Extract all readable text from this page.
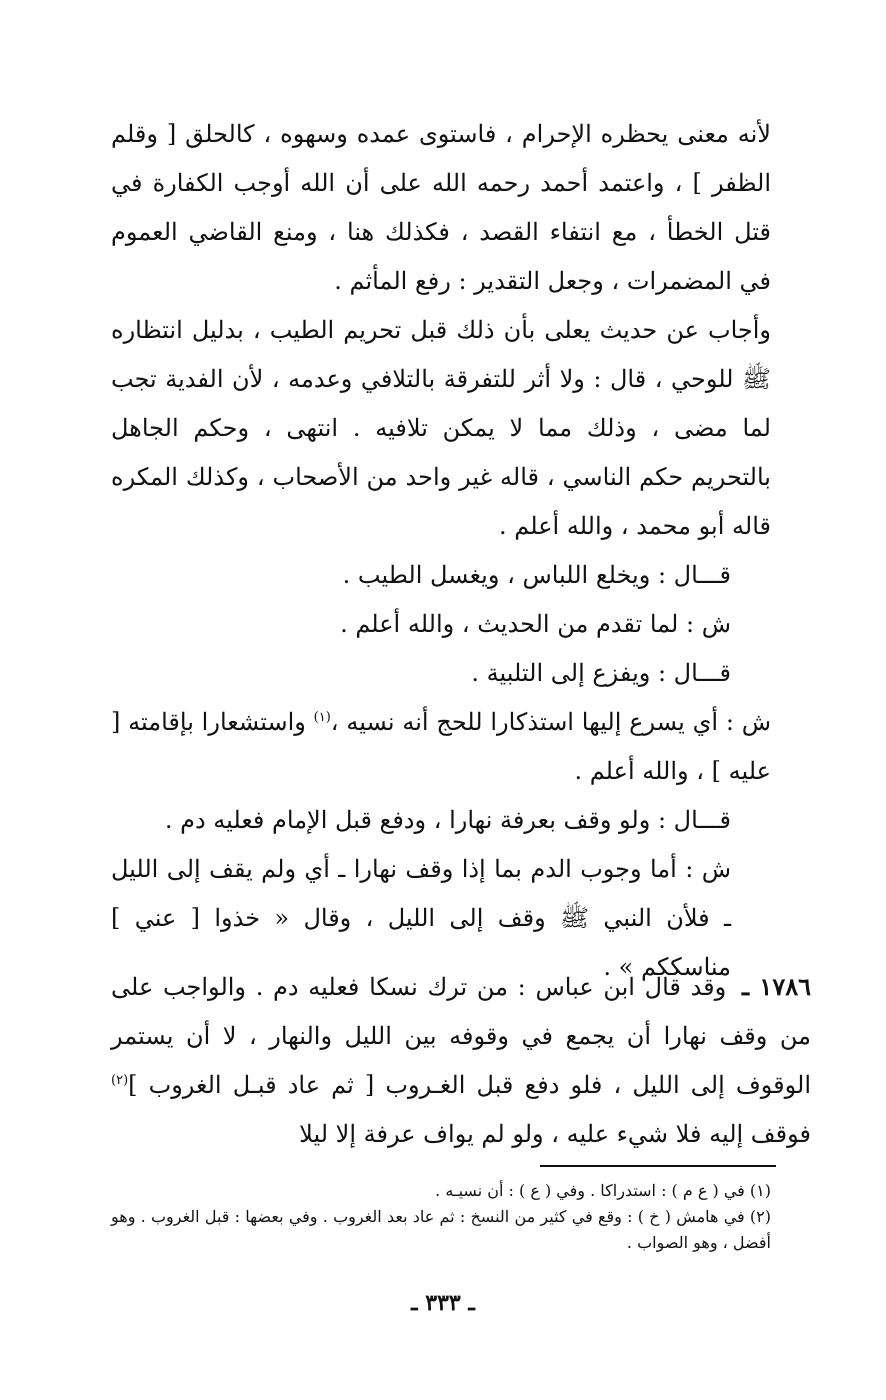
لأنه معنى يحظره الإحرام ، فاستوى عمده وسهوه ، كالحلق [ وقلم الظفر ] ، واعتمد أحمد رحمه الله على أن الله أوجب الكفارة في قتل الخطأ ، مع انتفاء القصد ، فكذلك هنا ، ومنع القاضي العموم في المضمرات ، وجعل التقدير : رفع المأثم .

وأجاب عن حديث يعلى بأن ذلك قبل تحريم الطيب ، بدليل انتظاره ﷺ للوحي ، قال : ولا أثر للتفرقة بالتلافي وعدمه ، لأن الفدية تجب لما مضى ، وذلك مما لا يمكن تلافيه . انتهى ، وحكم الجاهل بالتحريم حكم الناسي ، قاله غير واحد من الأصحاب ، وكذلك المكره قاله أبو محمد ، والله أعلم .

قـــال : ويخلع اللباس ، ويغسل الطيب .

ش : لما تقدم من الحديث ، والله أعلم .

قـــال : ويفزع إلى التلبية .

ش : أي يسرع إليها استذكارا للحج أنه نسيه ،$^{(١)}$ واستشعارا بإقامته [ عليه ] ، والله أعلم .

قـــال : ولو وقف بعرفة نهارا ، ودفع قبل الإمام فعليه دم .

ش : أما وجوب الدم بما إذا وقف نهارا ـ أي ولم يقف إلى الليل ـ فلأن النبي ﷺ وقف إلى الليل ، وقال « خذوا [ عني ] مناسككم » .

١٧٨٦ ـ وقد قال ابن عباس : من ترك نسكا فعليه دم . والواجب على من وقف نهارا أن يجمع في وقوفه بين الليل والنهار ، لا أن يستمر الوقوف إلى الليل ، فلو دفع قبل الغـروب [ ثم عاد قبـل الغروب ]$^{(٢)}$ فوقف إليه فلا شيء عليه ، ولو لم يواف عرفة إلا ليلا

(١) في ( ع م ) : استدراكا . وفي ( ع ) : أن نسيـه .

(٢) في هامش ( خ ) : وقع في كثير من النسخ : ثم عاد بعد الغروب . وفي بعضها : قبل الغروب . وهو أفضل ، وهو الصواب .

ـ ٣٣٣ ـ
